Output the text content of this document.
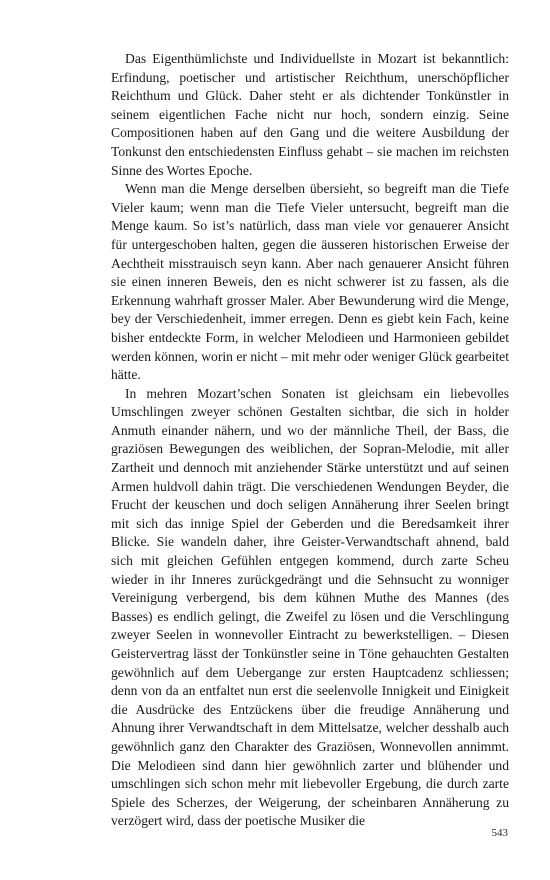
Das Eigenthümlichste und Individuellste in Mozart ist bekanntlich: Erfindung, poetischer und artistischer Reichthum, unerschöpflicher Reichthum und Glück. Daher steht er als dichtender Tonkünstler in seinem eigentlichen Fache nicht nur hoch, sondern einzig. Seine Compositionen haben auf den Gang und die weitere Ausbildung der Tonkunst den entschiedensten Einfluss gehabt – sie machen im reichsten Sinne des Wortes Epoche.

Wenn man die Menge derselben übersieht, so begreift man die Tiefe Vieler kaum; wenn man die Tiefe Vieler untersucht, begreift man die Menge kaum. So ist’s natürlich, dass man viele vor genauerer Ansicht für untergeschoben halten, gegen die äusseren historischen Erweise der Aechtheit misstrauisch seyn kann. Aber nach genauerer Ansicht führen sie einen inneren Beweis, den es nicht schwerer ist zu fassen, als die Erkennung wahrhaft grosser Maler. Aber Bewunderung wird die Menge, bey der Verschiedenheit, immer erregen. Denn es giebt kein Fach, keine bisher entdeckte Form, in welcher Melodieen und Harmonieen gebildet werden können, worin er nicht – mit mehr oder weniger Glück gearbeitet hätte.

In mehren Mozart’schen Sonaten ist gleichsam ein liebevolles Umschlingen zweyer schönen Gestalten sichtbar, die sich in holder Anmuth einander nähern, und wo der männliche Theil, der Bass, die graziösen Bewegungen des weiblichen, der Sopran-Melodie, mit aller Zartheit und dennoch mit anziehender Stärke unterstützt und auf seinen Armen huldvoll dahin trägt. Die verschiedenen Wendungen Beyder, die Frucht der keuschen und doch seligen Annäherung ihrer Seelen bringt mit sich das innige Spiel der Geberden und die Beredsamkeit ihrer Blicke. Sie wandeln daher, ihre Geister-Verwandtschaft ahnend, bald sich mit gleichen Gefühlen entgegen kommend, durch zarte Scheu wieder in ihr Inneres zurückgedrängt und die Sehnsucht zu wonniger Vereinigung verbergend, bis dem kühnen Muthe des Mannes (des Basses) es endlich gelingt, die Zweifel zu lösen und die Verschlingung zweyer Seelen in wonnevoller Eintracht zu bewerkstelligen. – Diesen Geistervertrag lässt der Tonkünstler seine in Töne gehauchten Gestalten gewöhnlich auf dem Uebergange zur ersten Hauptcadenz schliessen; denn von da an entfaltet nun erst die seelenvolle Innigkeit und Einigkeit die Ausdrücke des Entzückens über die freudige Annäherung und Ahnung ihrer Verwandtschaft in dem Mittelsatze, welcher desshalb auch gewöhnlich ganz den Charakter des Graziösen, Wonnevollen annimmt. Die Melodieen sind dann hier gewöhnlich zarter und blühender und umschlingen sich schon mehr mit liebevoller Ergebung, die durch zarte Spiele des Scherzes, der Weigerung, der scheinbaren Annäherung zu verzögert wird, dass der poetische Musiker die

543
